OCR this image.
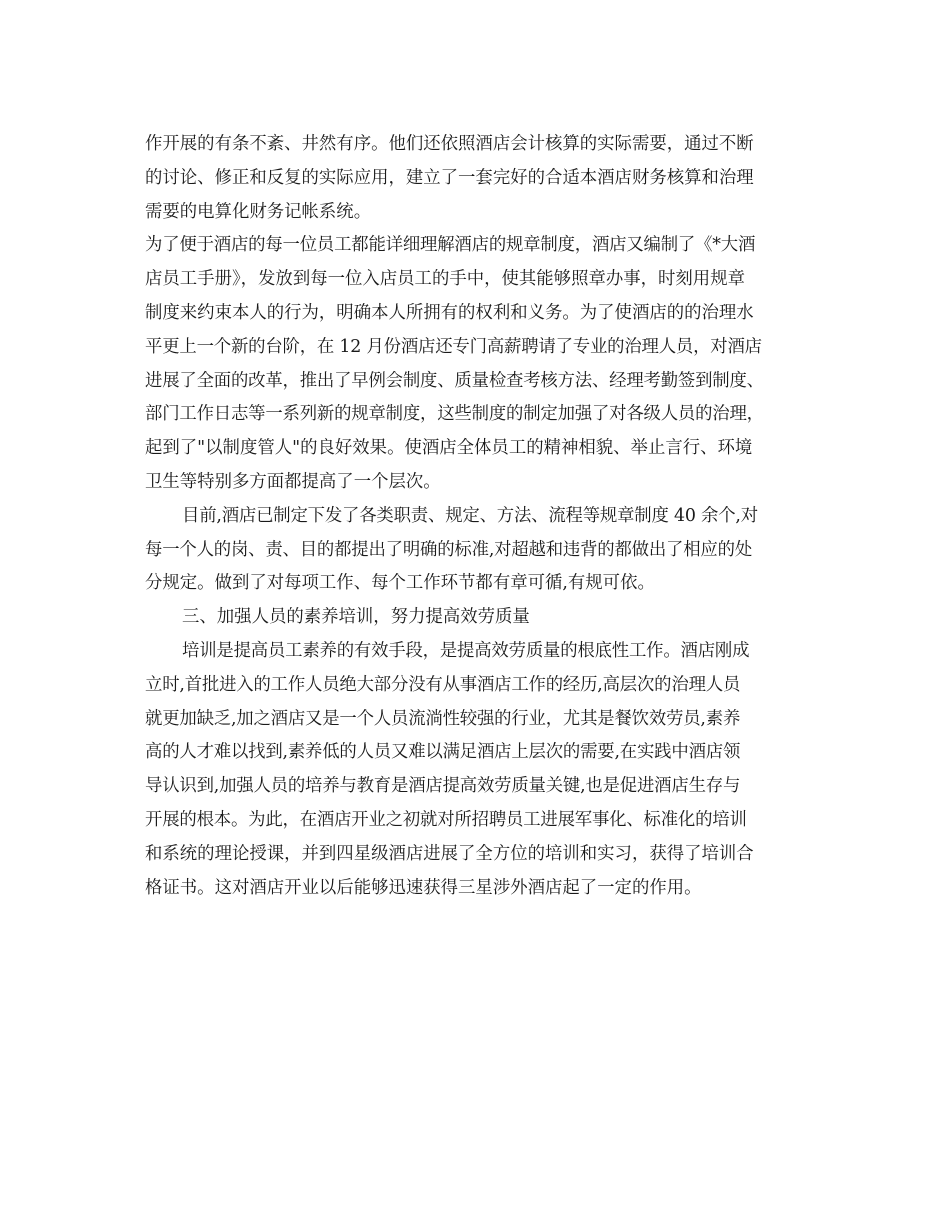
作开展的有条不紊、井然有序。他们还依照酒店会计核算的实际需要，通过不断
的讨论、修正和反复的实际应用，建立了一套完好的合适本酒店财务核算和治理
需要的电算化财务记帐系统。
为了便于酒店的每一位员工都能详细理解酒店的规章制度，酒店又编制了《*大酒
店员工手册》，发放到每一位入店员工的手中，使其能够照章办事，时刻用规章
制度来约束本人的行为，明确本人所拥有的权利和义务。为了使酒店的的治理水
平更上一个新的台阶，在 12 月份酒店还专门高薪聘请了专业的治理人员，对酒店
进展了全面的改革，推出了早例会制度、质量检查考核方法、经理考勤签到制度、
部门工作日志等一系列新的规章制度，这些制度的制定加强了对各级人员的治理，
起到了"以制度管人"的良好效果。使酒店全体员工的精神相貌、举止言行、环境
卫生等特别多方面都提高了一个层次。
目前,酒店已制定下发了各类职责、规定、方法、流程等规章制度 40 余个,对
每一个人的岗、责、目的都提出了明确的标准,对超越和违背的都做出了相应的处
分规定。做到了对每项工作、每个工作环节都有章可循,有规可依。
三、加强人员的素养培训，努力提高效劳质量
培训是提高员工素养的有效手段，是提高效劳质量的根底性工作。酒店刚成
立时,首批进入的工作人员绝大部分没有从事酒店工作的经历,高层次的治理人员
就更加缺乏,加之酒店又是一个人员流淌性较强的行业，尤其是餐饮效劳员,素养
高的人才难以找到,素养低的人员又难以满足酒店上层次的需要,在实践中酒店领
导认识到,加强人员的培养与教育是酒店提高效劳质量关键,也是促进酒店生存与
开展的根本。为此，在酒店开业之初就对所招聘员工进展军事化、标准化的培训
和系统的理论授课，并到四星级酒店进展了全方位的培训和实习，获得了培训合
格证书。这对酒店开业以后能够迅速获得三星涉外酒店起了一定的作用。
